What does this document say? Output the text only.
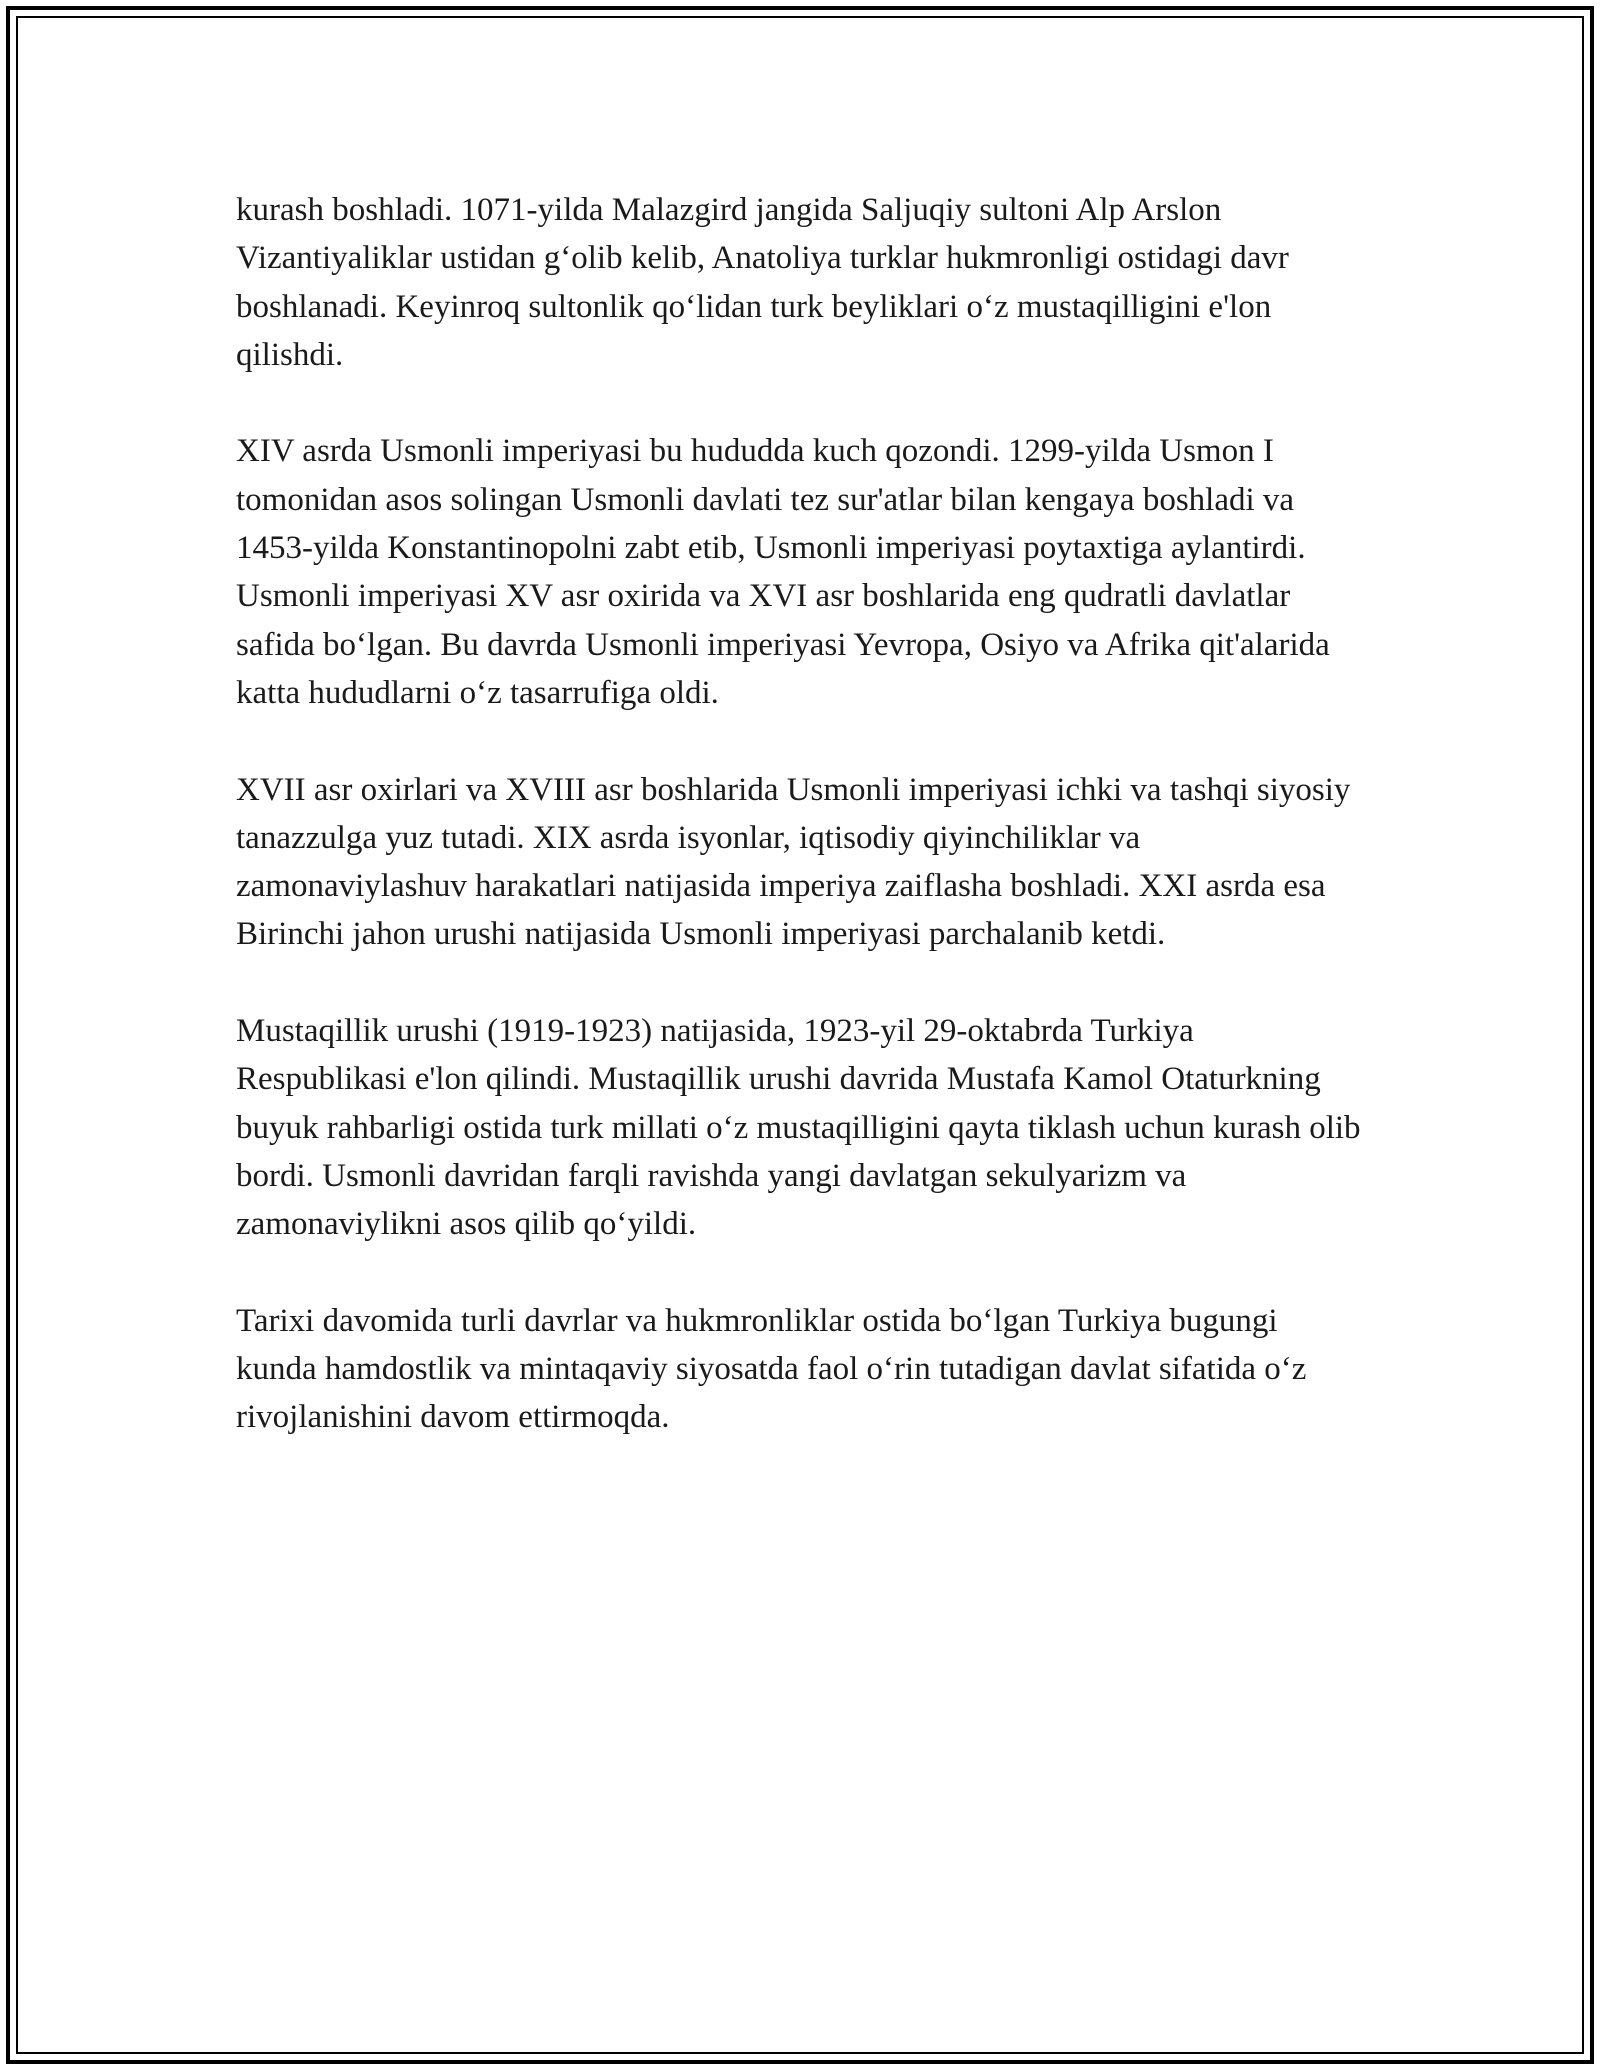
kurash boshladi. 1071-yilda Malazgird jangida Saljuqiy sultoni Alp Arslon Vizantiyaliklar ustidan g‘olib kelib, Anatoliya turklar hukmronligi ostidagi davr boshlanadi. Keyinroq sultonlik qo‘lidan turk beyliklari o‘z mustaqilligini e'lon qilishdi.

XIV asrda Usmonli imperiyasi bu hududda kuch qozondi. 1299-yilda Usmon I tomonidan asos solingan Usmonli davlati tez sur'atlar bilan kengaya boshladi va 1453-yilda Konstantinopolni zabt etib, Usmonli imperiyasi poytaxtiga aylantirdi. Usmonli imperiyasi XV asr oxirida va XVI asr boshlarida eng qudratli davlatlar safida bo‘lgan. Bu davrda Usmonli imperiyasi Yevropa, Osiyo va Afrika qit'alarida katta hududlarni o‘z tasarrufiga oldi.

XVII asr oxirlari va XVIII asr boshlarida Usmonli imperiyasi ichki va tashqi siyosiy tanazzulga yuz tutadi. XIX asrda isyonlar, iqtisodiy qiyinchiliklar va zamonaviylashuv harakatlari natijasida imperiya zaiflasha boshladi. XXI asrda esa Birinchi jahon urushi natijasida Usmonli imperiyasi parchalanib ketdi.

Mustaqillik urushi (1919-1923) natijasida, 1923-yil 29-oktabrda Turkiya Respublikasi e'lon qilindi. Mustaqillik urushi davrida Mustafa Kamol Otaturkning buyuk rahbarligi ostida turk millati o‘z mustaqilligini qayta tiklash uchun kurash olib bordi. Usmonli davridan farqli ravishda yangi davlatgan sekulyarizm va zamonaviylikni asos qilib qo‘yildi.

Tarixi davomida turli davrlar va hukmronliklar ostida bo‘lgan Turkiya bugungi kunda hamdostlik va mintaqaviy siyosatda faol o‘rin tutadigan davlat sifatida o‘z rivojlanishini davom ettirmoqda.
